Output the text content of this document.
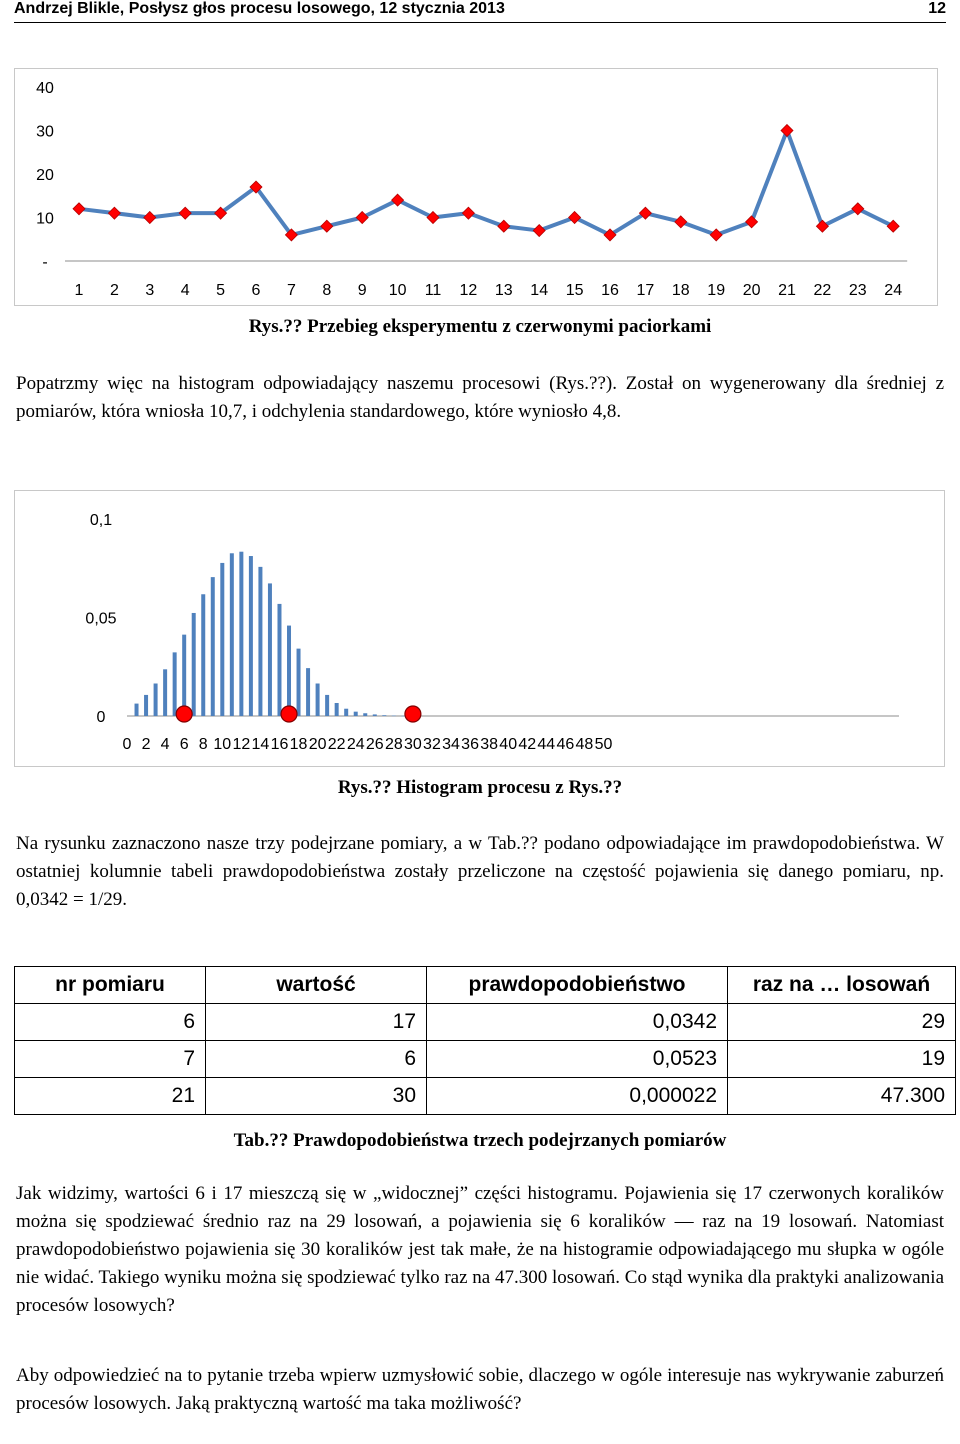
Andrzej Blikle, Posłysz głos procesu losowego, 12 stycznia 2013	12
40
30
20
10
-
1 2 3 4 5 6 7 8 9 10 11 12 13 14 15 16 17 18 19 20 21 22 23 24
Rys.?? Przebieg eksperymentu z czerwonymi paciorkami

Popatrzmy więc na histogram odpowiadający naszemu procesowi (Rys.??). Został on wygenerowany dla średniej z pomiarów, która wniosła 10,7, i odchylenia standardowego, które wyniosło 4,8.

0,1
0,05
0
0 2 4 6 8 10 12 14 16 18 20 22 24 26 28 30 32 34 36 38 40 42 44 46 48 50
Rys.?? Histogram procesu z Rys.??

Na rysunku zaznaczono nasze trzy podejrzane pomiary, a w Tab.?? podano odpowiadające im prawdopodobieństwa. W ostatniej kolumnie tabeli prawdopodobieństwa zostały przeliczone na częstość pojawienia się danego pomiaru, np. 0,0342 = 1/29.

nr pomiaru	wartość	prawdopodobieństwo	raz na … losowań
6	17	0,0342	29
7	6	0,0523	19
21	30	0,000022	47.300
Tab.?? Prawdopodobieństwa trzech podejrzanych pomiarów

Jak widzimy, wartości 6 i 17 mieszczą się w „widocznej” części histogramu. Pojawienia się 17 czerwonych koralików można się spodziewać średnio raz na 29 losowań, a pojawienia się 6 koralików — raz na 19 losowań. Natomiast prawdopodobieństwo pojawienia się 30 koralików jest tak małe, że na histogramie odpowiadającego mu słupka w ogóle nie widać. Takiego wyniku można się spodziewać tylko raz na 47.300 losowań. Co stąd wynika dla praktyki analizowania procesów losowych?

Aby odpowiedzieć na to pytanie trzeba wpierw uzmysłowić sobie, dlaczego w ogóle interesuje nas wykrywanie zaburzeń procesów losowych. Jaką praktyczną wartość ma taka możliwość?
